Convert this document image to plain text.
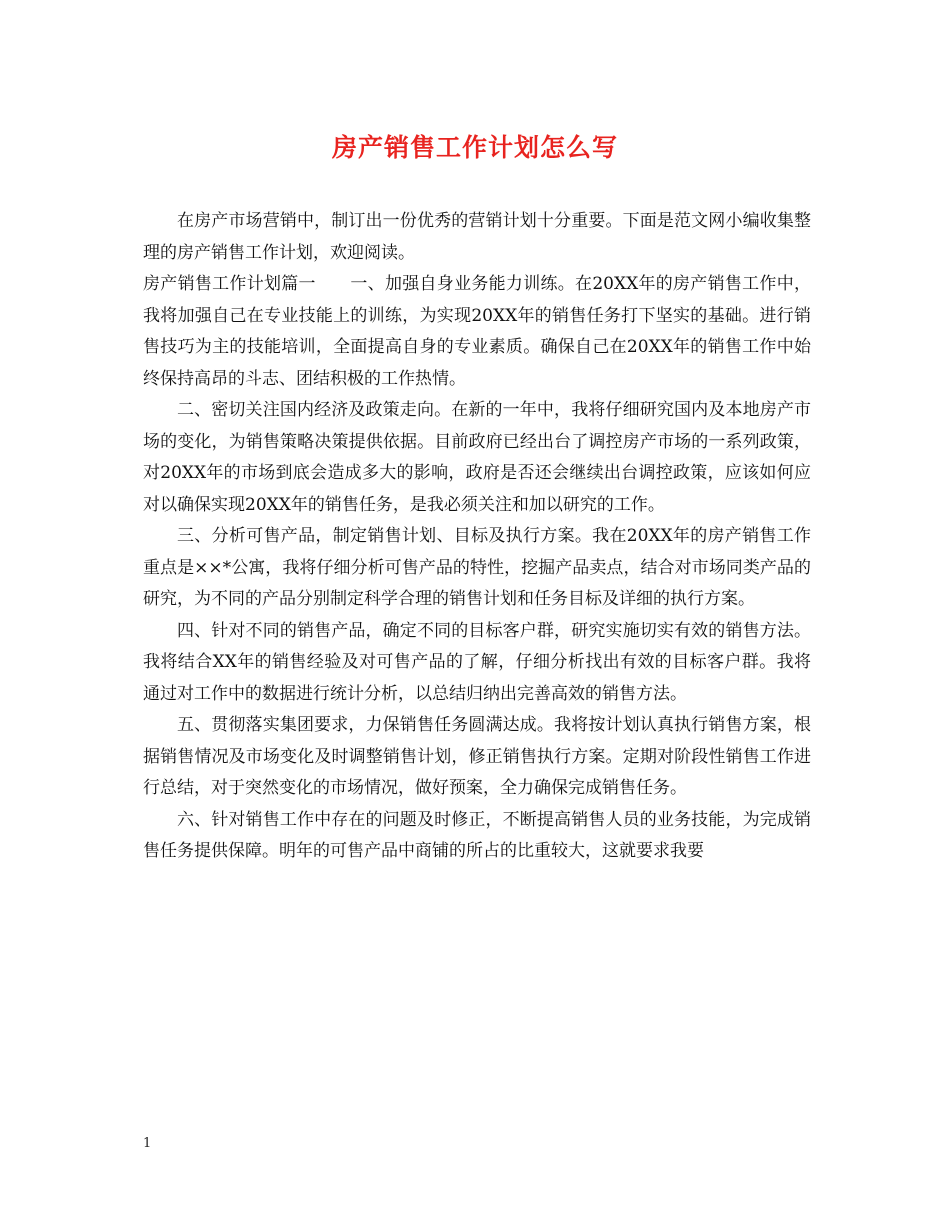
房产销售工作计划怎么写

在房产市场营销中，制订出一份优秀的营销计划十分重要。下面是范文网小编收集整理的房产销售工作计划，欢迎阅读。

房产销售工作计划篇一　　一、加强自身业务能力训练。在20XX年的房产销售工作中，我将加强自己在专业技能上的训练，为实现20XX年的销售任务打下坚实的基础。进行销售技巧为主的技能培训，全面提高自身的专业素质。确保自己在20XX年的销售工作中始终保持高昂的斗志、团结积极的工作热情。

二、密切关注国内经济及政策走向。在新的一年中，我将仔细研究国内及本地房产市场的变化，为销售策略决策提供依据。目前政府已经出台了调控房产市场的一系列政策，对20XX年的市场到底会造成多大的影响，政府是否还会继续出台调控政策，应该如何应对以确保实现20XX年的销售任务，是我必须关注和加以研究的工作。

三、分析可售产品，制定销售计划、目标及执行方案。我在20XX年的房产销售工作重点是××*公寓，我将仔细分析可售产品的特性，挖掘产品卖点，结合对市场同类产品的研究，为不同的产品分别制定科学合理的销售计划和任务目标及详细的执行方案。

四、针对不同的销售产品，确定不同的目标客户群，研究实施切实有效的销售方法。我将结合XX年的销售经验及对可售产品的了解，仔细分析找出有效的目标客户群。我将通过对工作中的数据进行统计分析，以总结归纳出完善高效的销售方法。

五、贯彻落实集团要求，力保销售任务圆满达成。我将按计划认真执行销售方案，根据销售情况及市场变化及时调整销售计划，修正销售执行方案。定期对阶段性销售工作进行总结，对于突然变化的市场情况，做好预案，全力确保完成销售任务。

六、针对销售工作中存在的问题及时修正，不断提高销售人员的业务技能，为完成销售任务提供保障。明年的可售产品中商铺的所占的比重较大，这就要求我要

1
